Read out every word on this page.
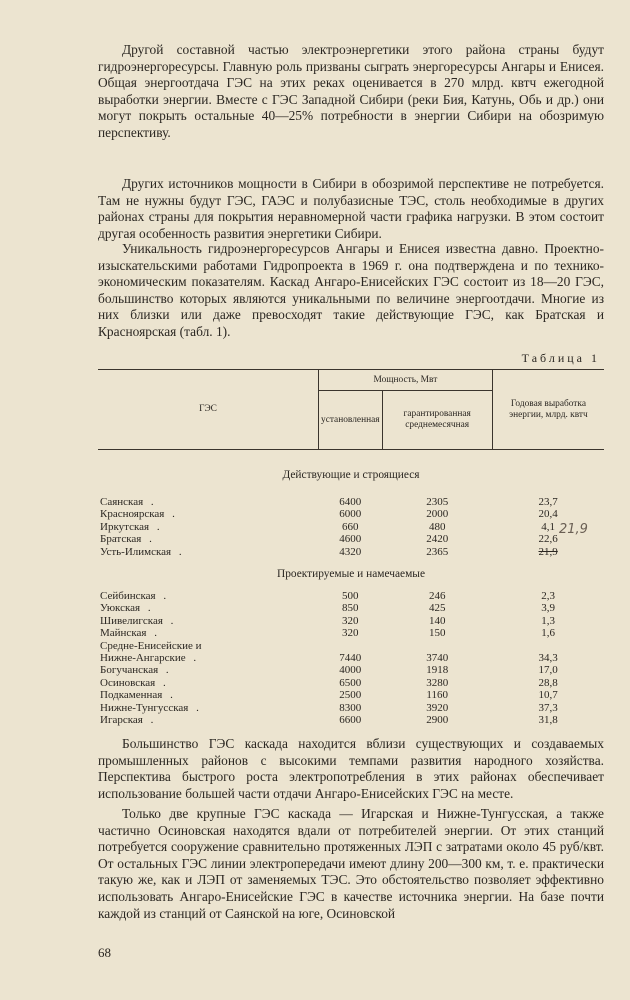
Другой составной частью электроэнергетики этого района страны будут гидроэнергоресурсы. Главную роль призваны сыграть энергоресурсы Ангары и Енисея. Общая энергоотдача ГЭС на этих реках оценивается в 270 млрд. квтч ежегодной выработки энергии. Вместе с ГЭС Западной Сибири (реки Бия, Катунь, Обь и др.) они могут покрыть остальные 40—25% потребности в энергии Сибири на обозримую перспективу.

Других источников мощности в Сибири в обозримой перспективе не потребуется. Там не нужны будут ГЭС, ГАЭС и полубазисные ТЭС, столь необходимые в других районах страны для покрытия неравномерной части графика нагрузки. В этом состоит другая особенность развития энергетики Сибири.

Уникальность гидроэнергоресурсов Ангары и Енисея известна давно. Проектно-изыскательскими работами Гидропроекта в 1969 г. она подтверждена и по технико-экономическим показателям. Каскад Ангаро-Енисейских ГЭС состоит из 18—20 ГЭС, большинство которых являются уникальными по величине энергоотдачи. Многие из них близки или даже превосходят такие действующие ГЭС, как Братская и Красноярская (табл. 1).

Таблица 1

ГЭС	Мощность, Мвт		Годовая выработка энергии, млрд. квтч
	установленная	гарантированная среднемесячная	
Действующие и строящиеся			
Саянская .	6400	2305	23,7
Красноярская .	6000	2000	20,4
Иркутская .	660	480	4,1
Братская .	4600	2420	22,6
Усть-Илимская .	4320	2365	21,9
Проектируемые и намечаемые			
Сейбинская .	500	246	2,3
Уюкская .	850	425	3,9
Шивелигская .	320	140	1,3
Майнская .	320	150	1,6
Средне-Енисейские и			
Нижне-Ангарские .	7440	3740	34,3
Богучанская .	4000	1918	17,0
Осиновская .	6500	3280	28,8
Подкаменная .	2500	1160	10,7
Нижне-Тунгусская .	8300	3920	37,3
Игарская .	6600	2900	31,8
21,9

Большинство ГЭС каскада находится вблизи существующих и создаваемых промышленных районов с высокими темпами развития народного хозяйства. Перспектива быстрого роста электропотребления в этих районах обеспечивает использование большей части отдачи Ангаро-Енисейских ГЭС на месте.

Только две крупные ГЭС каскада — Игарская и Нижне-Тунгусская, а также частично Осиновская находятся вдали от потребителей энергии. От этих станций потребуется сооружение сравнительно протяженных ЛЭП с затратами около 45 руб/квт. От остальных ГЭС линии электропередачи имеют длину 200—300 км, т. е. практически такую же, как и ЛЭП от заменяемых ТЭС. Это обстоятельство позволяет эффективно использовать Ангаро-Енисейские ГЭС в качестве источника энергии. На базе почти каждой из станций от Саянской на юге, Осиновской

68
